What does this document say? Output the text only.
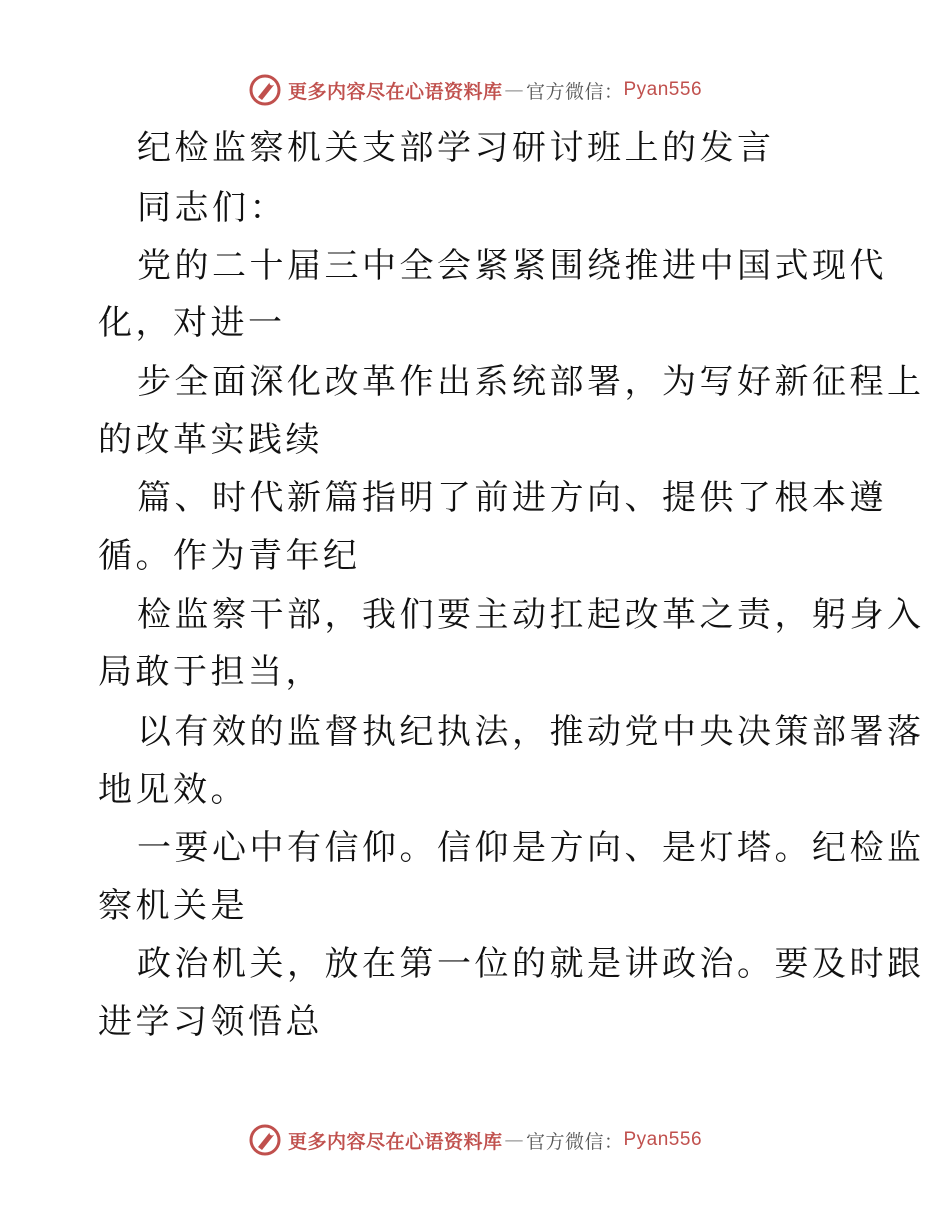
更多内容尽在心语资料库 — 官方微信： Pyan556
纪检监察机关支部学习研讨班上的发言
同志们：
党的二十届三中全会紧紧围绕推进中国式现代
化，对进一
步全面深化改革作出系统部署，为写好新征程上
的改革实践续
篇、时代新篇指明了前进方向、提供了根本遵
循。作为青年纪
检监察干部，我们要主动扛起改革之责，躬身入
局敢于担当，
以有效的监督执纪执法，推动党中央决策部署落
地见效。
一要心中有信仰。信仰是方向、是灯塔。纪检监
察机关是
政治机关，放在第一位的就是讲政治。要及时跟
进学习领悟总
更多内容尽在心语资料库 — 官方微信： Pyan556
